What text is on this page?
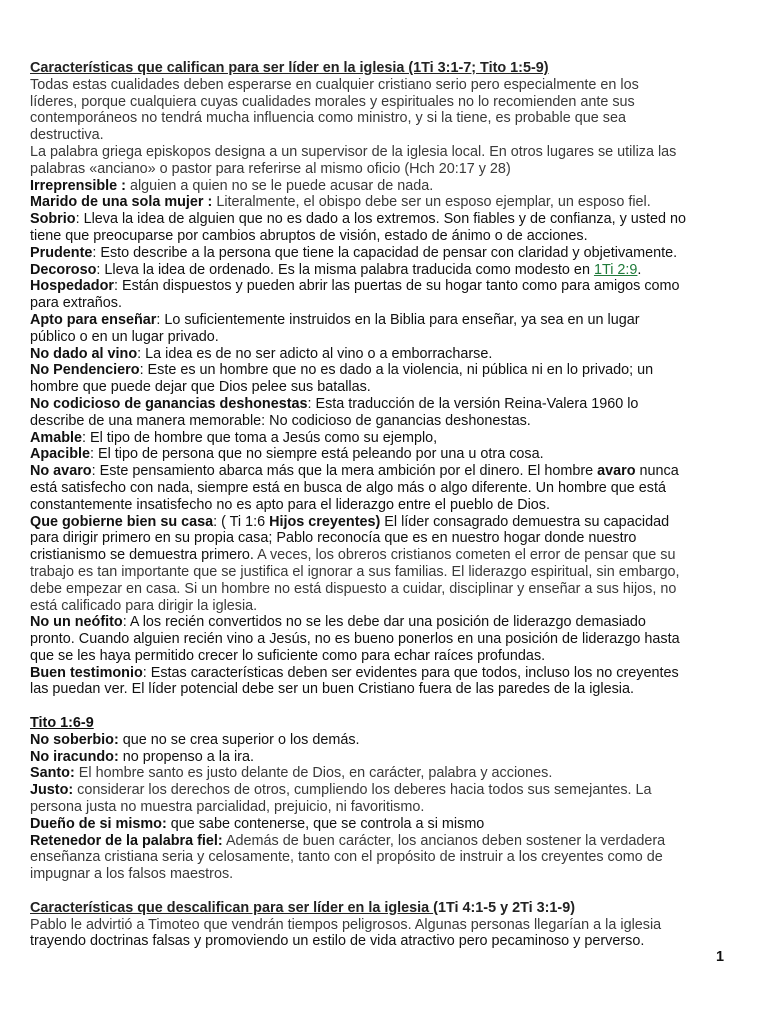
Características que califican para ser líder en la iglesia (1Ti 3:1-7; Tito 1:5-9)

Todas estas cualidades deben esperarse en cualquier cristiano serio pero especialmente en los

líderes, porque cualquiera cuyas cualidades morales y espirituales no lo recomienden ante sus

contemporáneos no tendrá mucha influencia como ministro, y si la tiene, es probable que sea

destructiva.

La palabra griega episkopos designa a un supervisor de la iglesia local. En otros lugares se utiliza las

palabras «anciano» o pastor para referirse al mismo oficio (Hch 20:17 y 28)

Irreprensible : alguien a quien no se le puede acusar de nada.

Marido de una sola mujer : Literalmente, el obispo debe ser un esposo ejemplar, un esposo fiel.

Sobrio: Lleva la idea de alguien que no es dado a los extremos. Son fiables y de confianza, y usted no

tiene que preocuparse por cambios abruptos de visión, estado de ánimo o de acciones.

Prudente: Esto describe a la persona que tiene la capacidad de pensar con claridad y objetivamente.

Decoroso: Lleva la idea de ordenado. Es la misma palabra traducida como modesto en 1Ti 2:9.

Hospedador: Están dispuestos y pueden abrir las puertas de su hogar tanto como para amigos como

para extraños.

Apto para enseñar: Lo suficientemente instruidos en la Biblia para enseñar, ya sea en un lugar

público o en un lugar privado.

No dado al vino: La idea es de no ser adicto al vino o a emborracharse.

No Pendenciero: Este es un hombre que no es dado a la violencia, ni pública ni en lo privado; un

hombre que puede dejar que Dios pelee sus batallas.

No codicioso de ganancias deshonestas: Esta traducción de la versión Reina-Valera 1960 lo

describe de una manera memorable: No codicioso de ganancias deshonestas.

Amable: El tipo de hombre que toma a Jesús como su ejemplo,

Apacible: El tipo de persona que no siempre está peleando por una u otra cosa.

No avaro: Este pensamiento abarca más que la mera ambición por el dinero. El hombre avaro nunca

está satisfecho con nada, siempre está en busca de algo más o algo diferente. Un hombre que está

constantemente insatisfecho no es apto para el liderazgo entre el pueblo de Dios.

Que gobierne bien su casa: ( Ti 1:6 Hijos creyentes) El líder consagrado demuestra su capacidad

para dirigir primero en su propia casa; Pablo reconocía que es en nuestro hogar donde nuestro

cristianismo se demuestra primero. A veces, los obreros cristianos cometen el error de pensar que su

trabajo es tan importante que se justifica el ignorar a sus familias. El liderazgo espiritual, sin embargo,

debe empezar en casa. Si un hombre no está dispuesto a cuidar, disciplinar y enseñar a sus hijos, no

está calificado para dirigir la iglesia.

No un neófito: A los recién convertidos no se les debe dar una posición de liderazgo demasiado

pronto. Cuando alguien recién vino a Jesús, no es bueno ponerlos en una posición de liderazgo hasta

que se les haya permitido crecer lo suficiente como para echar raíces profundas.

Buen testimonio: Estas características deben ser evidentes para que todos, incluso los no creyentes

las puedan ver. El líder potencial debe ser un buen Cristiano fuera de las paredes de la iglesia.

Tito 1:6-9

No soberbio: que no se crea superior o los demás.

No iracundo: no propenso a la ira.

Santo: El hombre santo es justo delante de Dios, en carácter, palabra y acciones.

Justo: considerar los derechos de otros, cumpliendo los deberes hacia todos sus semejantes. La

persona justa no muestra parcialidad, prejuicio, ni favoritismo.

Dueño de si mismo: que sabe contenerse, que se controla a si mismo

Retenedor de la palabra fiel: Además de buen carácter, los ancianos deben sostener la verdadera

enseñanza cristiana seria y celosamente, tanto con el propósito de instruir a los creyentes como de

impugnar a los falsos maestros.

Características que descalifican para ser líder en la iglesia (1Ti 4:1-5 y 2Ti 3:1-9)

Pablo le advirtió a Timoteo que vendrán tiempos peligrosos. Algunas personas llegarían a la iglesia

trayendo doctrinas falsas y promoviendo un estilo de vida atractivo pero pecaminoso y perverso.

1
